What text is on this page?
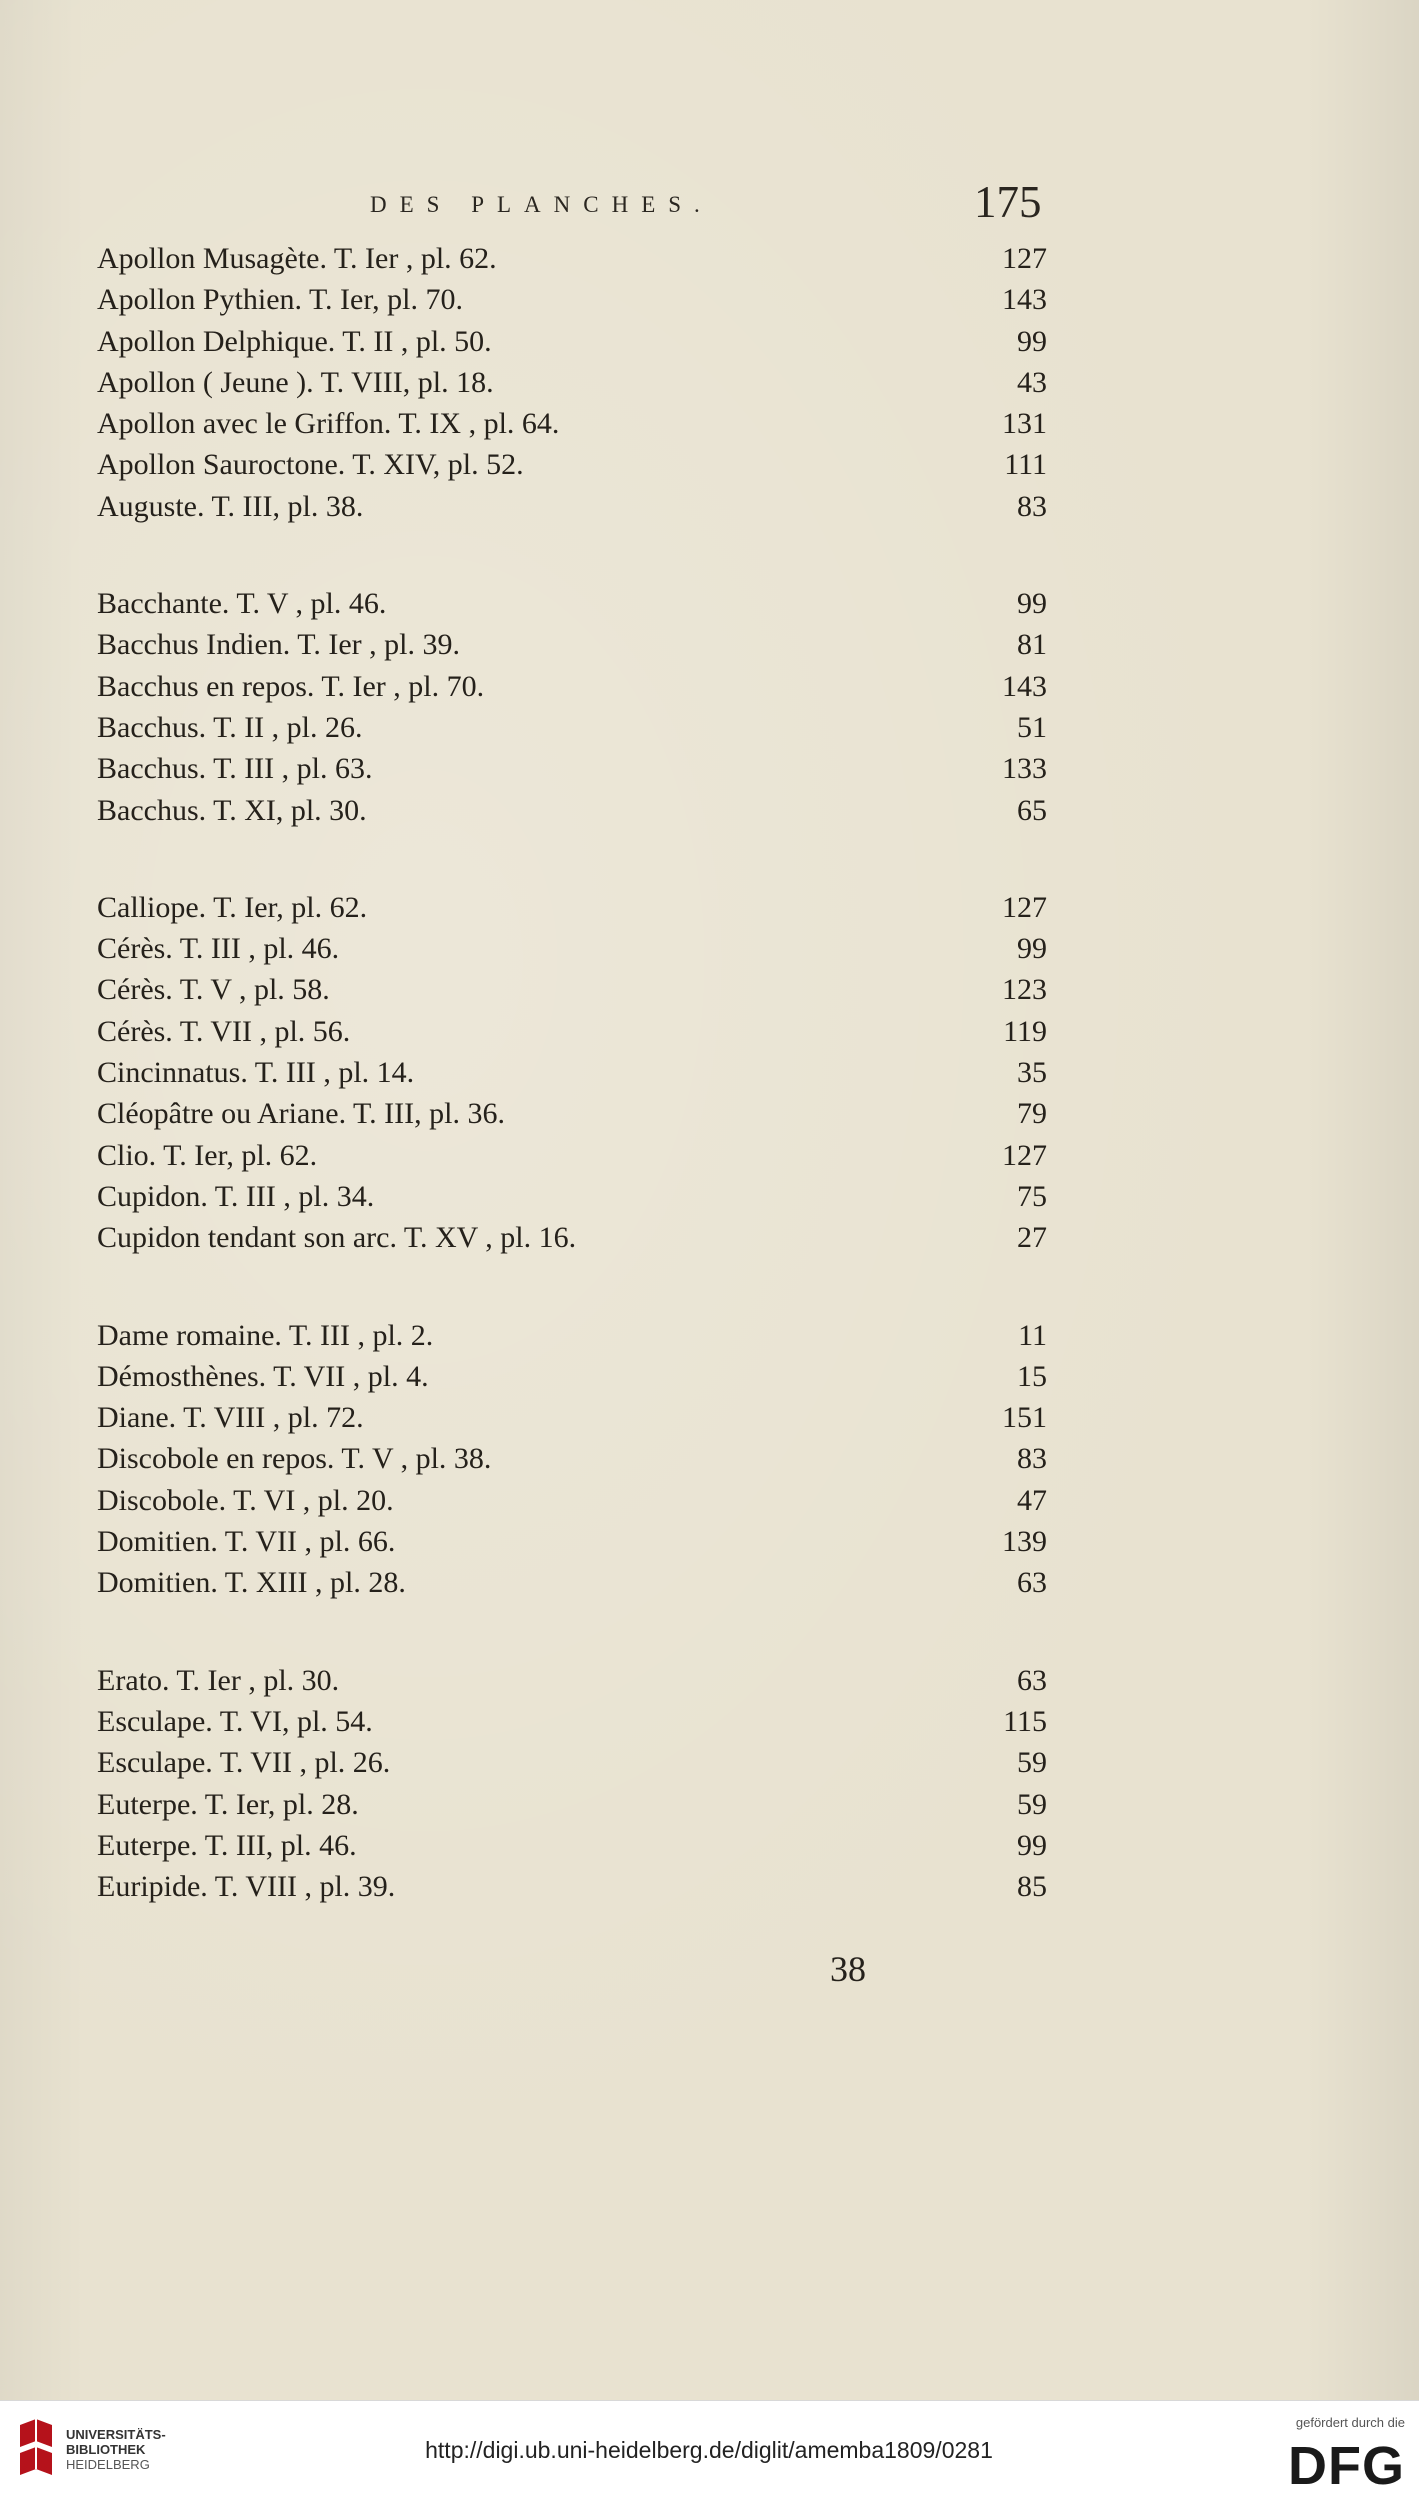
DES PLANCHES.	175
Apollon Musagète. T. Ier , pl. 62.	127
Apollon Pythien. T. Ier, pl. 70.	143
Apollon Delphique. T. II , pl. 50.	99
Apollon ( Jeune ). T. VIII, pl. 18.	43
Apollon avec le Griffon. T. IX , pl. 64.	131
Apollon Sauroctone. T. XIV, pl. 52.	111
Auguste. T. III, pl. 38.	83
Bacchante. T. V , pl. 46.	99
Bacchus Indien. T. Ier , pl. 39.	81
Bacchus en repos. T. Ier , pl. 70.	143
Bacchus. T. II , pl. 26.	51
Bacchus. T. III , pl. 63.	133
Bacchus. T. XI, pl. 30.	65
Calliope. T. Ier, pl. 62.	127
Cérès. T. III , pl. 46.	99
Cérès. T. V , pl. 58.	123
Cérès. T. VII , pl. 56.	119
Cincinnatus. T. III , pl. 14.	35
Cléopâtre ou Ariane. T. III, pl. 36.	79
Clio. T. Ier, pl. 62.	127
Cupidon. T. III , pl. 34.	75
Cupidon tendant son arc. T. XV , pl. 16.	27
Dame romaine. T. III , pl. 2.	11
Démosthènes. T. VII , pl. 4.	15
Diane. T. VIII , pl. 72.	151
Discobole en repos. T. V , pl. 38.	83
Discobole. T. VI , pl. 20.	47
Domitien. T. VII , pl. 66.	139
Domitien. T. XIII , pl. 28.	63
Erato. T. Ier , pl. 30.	63
Esculape. T. VI, pl. 54.	115
Esculape. T. VII , pl. 26.	59
Euterpe. T. Ier, pl. 28.	59
Euterpe. T. III, pl. 46.	99
Euripide. T. VIII , pl. 39.	85
38
UNIVERSITÄTS-
BIBLIOTHEK
HEIDELBERG
http://digi.ub.uni-heidelberg.de/diglit/amemba1809/0281
gefördert durch die
DFG
